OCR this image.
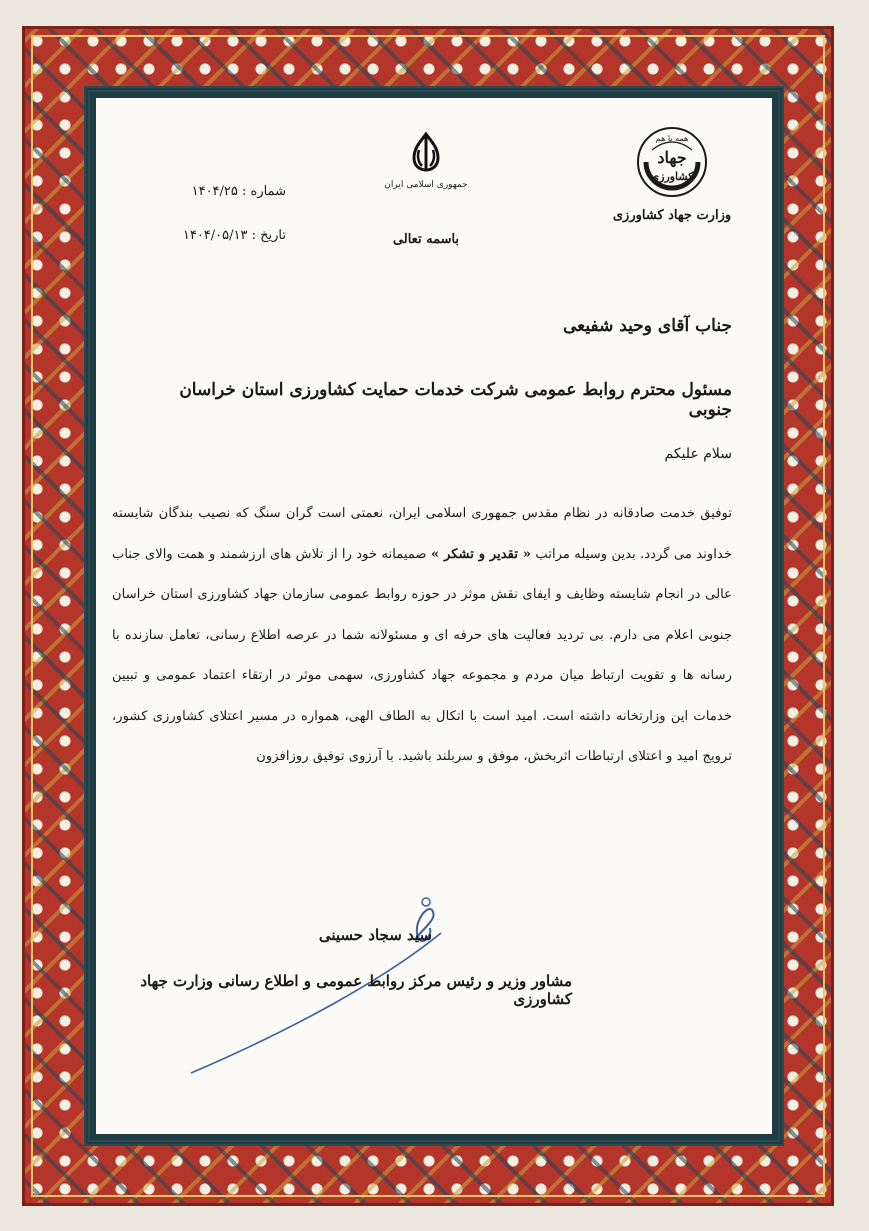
همه با هم
جهاد
کشاورزی
وزارت جهاد کشاورزی
جمهوری اسلامی ایران
شماره : ۱۴۰۴/۲۵
تاریخ : ۱۴۰۴/۰۵/۱۳	باسمه تعالی
جناب آقای وحید شفیعی
مسئول محترم روابط عمومی شرکت خدمات حمایت کشاورزی استان خراسان جنوبی
سلام علیکم
توفیق خدمت صادقانه در نظام مقدس جمهوری اسلامی ایران، نعمتی است گران سنگ که نصیب بندگان شایسته خداوند می گردد. بدین وسیله مراتب « تقدیر و تشکر » صمیمانه خود را از تلاش های ارزشمند و همت والای جناب عالی در انجام شایسته وظایف و ایفای نقش موثر در حوزه روابط عمومی سازمان جهاد کشاورزی استان خراسان جنوبی اعلام می دارم. بی تردید فعالیت های حرفه ای و مسئولانه شما در عرصه اطلاع رسانی، تعامل سازنده با رسانه ها و تقویت ارتباط میان مردم و مجموعه جهاد کشاورزی، سهمی موثر در ارتقاء اعتماد عمومی و تبیین خدمات این وزارتخانه داشته است. امید است با اتکال به الطاف الهی، همواره در مسیر اعتلای کشاورزی کشور، ترویج امید و اعتلای ارتباطات اثربخش، موفق و سربلند باشید. با آرزوی توفیق روزافزون
سید سجاد حسینی
مشاور وزیر و رئیس مرکز روابط عمومی و اطلاع رسانی وزارت جهاد کشاورزی
